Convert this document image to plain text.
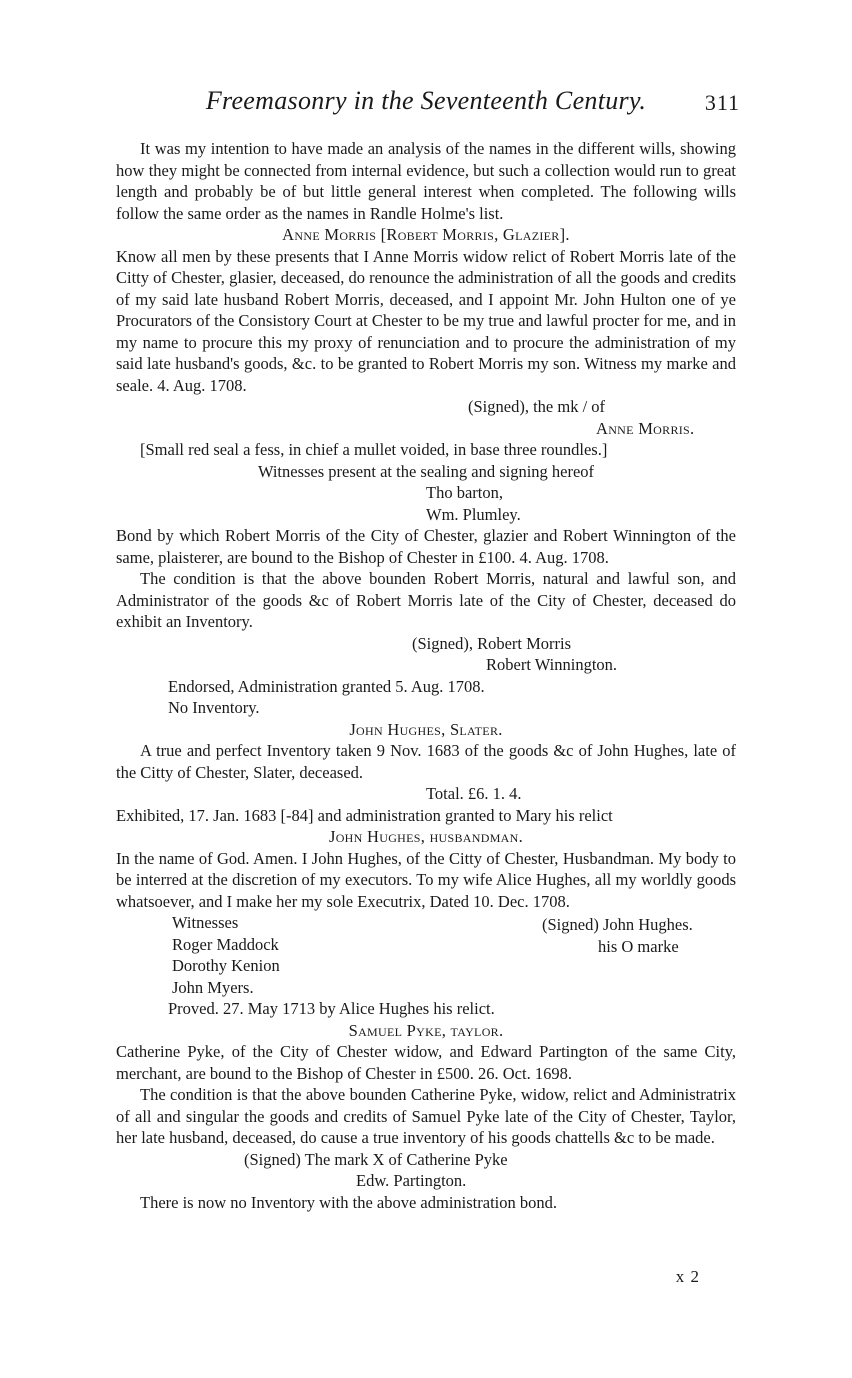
Freemasonry in the Seventeenth Century.	311

It was my intention to have made an analysis of the names in the different wills, showing how they might be connected from internal evidence, but such a collection would run to great length and probably be of but little general interest when completed. The following wills follow the same order as the names in Randle Holme's list.

Anne Morris [Robert Morris, Glazier].

Know all men by these presents that I Anne Morris widow relict of Robert Morris late of the Citty of Chester, glasier, deceased, do renounce the administration of all the goods and credits of my said late husband Robert Morris, deceased, and I appoint Mr. John Hulton one of ye Procurators of the Consistory Court at Chester to be my true and lawful procter for me, and in my name to procure this my proxy of renunciation and to procure the administration of my said late husband's goods, &c. to be granted to Robert Morris my son. Witness my marke and seale. 4. Aug. 1708.

(Signed), the mk / of

Anne Morris.

[Small red seal a fess, in chief a mullet voided, in base three roundles.]

Witnesses present at the sealing and signing hereof

Tho barton,

Wm. Plumley.

Bond by which Robert Morris of the City of Chester, glazier and Robert Winnington of the same, plaisterer, are bound to the Bishop of Chester in £100. 4. Aug. 1708.

The condition is that the above bounden Robert Morris, natural and lawful son, and Administrator of the goods &c of Robert Morris late of the City of Chester, deceased do exhibit an Inventory.

(Signed), Robert Morris

Robert Winnington.

Endorsed, Administration granted 5. Aug. 1708.

No Inventory.

John Hughes, Slater.

A true and perfect Inventory taken 9 Nov. 1683 of the goods &c of John Hughes, late of the Citty of Chester, Slater, deceased.

Total. £6. 1. 4.

Exhibited, 17. Jan. 1683 [-84] and administration granted to Mary his relict

John Hughes, husbandman.

In the name of God. Amen. I John Hughes, of the Citty of Chester, Husbandman. My body to be interred at the discretion of my executors. To my wife Alice Hughes, all my worldly goods whatsoever, and I make her my sole Executrix, Dated 10. Dec. 1708.

Witnesses

Roger Maddock

Dorothy Kenion

John Myers.

(Signed) John Hughes.

his O marke

Proved. 27. May 1713 by Alice Hughes his relict.

Samuel Pyke, taylor.

Catherine Pyke, of the City of Chester widow, and Edward Partington of the same City, merchant, are bound to the Bishop of Chester in £500. 26. Oct. 1698.

The condition is that the above bounden Catherine Pyke, widow, relict and Administratrix of all and singular the goods and credits of Samuel Pyke late of the City of Chester, Taylor, her late husband, deceased, do cause a true inventory of his goods chattells &c to be made.

(Signed) The mark X of Catherine Pyke

Edw. Partington.

There is now no Inventory with the above administration bond.

x 2
